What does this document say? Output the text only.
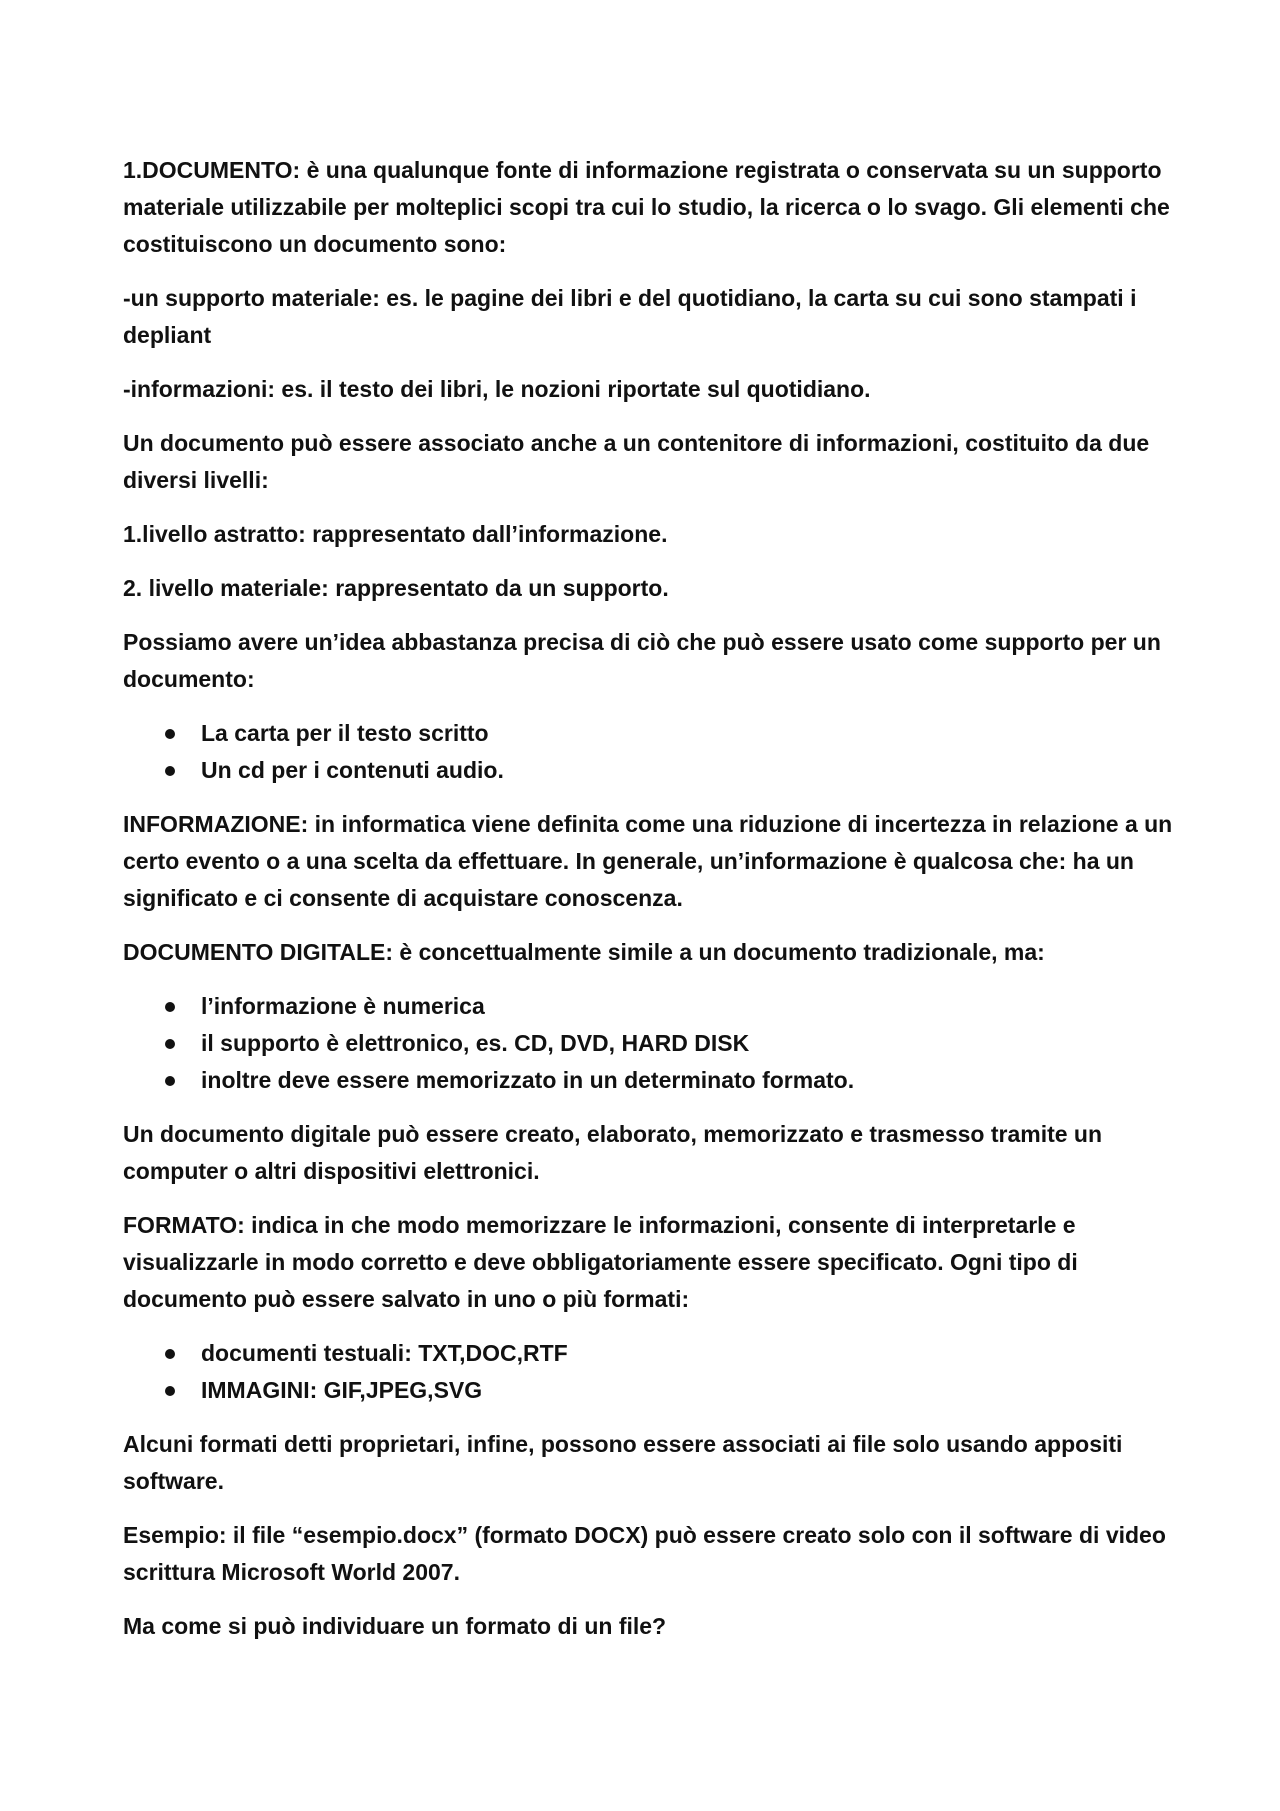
1.DOCUMENTO: è una qualunque fonte di informazione registrata o conservata su un supporto materiale utilizzabile per molteplici scopi tra cui lo studio, la ricerca o lo svago. Gli elementi che costituiscono un documento sono:

-un supporto materiale: es. le pagine dei libri e del quotidiano, la carta su cui sono stampati i depliant

-informazioni: es. il testo dei libri, le nozioni riportate sul quotidiano.

Un documento può essere associato anche a un contenitore di informazioni, costituito da due diversi livelli:

1.livello astratto: rappresentato dall’informazione.

2. livello materiale: rappresentato da un supporto.

Possiamo avere un’idea abbastanza precisa di ciò che può essere usato come supporto per un documento:

La carta per il testo scritto
Un cd per i contenuti audio.

INFORMAZIONE: in informatica viene definita come una riduzione di incertezza in relazione a un certo evento o a una scelta da effettuare. In generale, un’informazione è qualcosa che: ha un significato e ci consente di acquistare conoscenza.

DOCUMENTO DIGITALE: è concettualmente simile a un documento tradizionale, ma:

l’informazione è numerica
il supporto è elettronico, es. CD, DVD, HARD DISK
inoltre deve essere memorizzato in un determinato formato.

Un documento digitale può essere creato, elaborato, memorizzato e trasmesso tramite un computer o altri dispositivi elettronici.

FORMATO: indica in che modo memorizzare le informazioni, consente di interpretarle e visualizzarle in modo corretto e deve obbligatoriamente essere specificato. Ogni tipo di documento può essere salvato in uno o più formati:

documenti testuali: TXT,DOC,RTF
IMMAGINI: GIF,JPEG,SVG

Alcuni formati detti proprietari, infine, possono essere associati ai file solo usando appositi software.

Esempio: il file “esempio.docx” (formato DOCX) può essere creato solo con il software di video scrittura Microsoft World 2007.

Ma come si può individuare un formato di un file?
